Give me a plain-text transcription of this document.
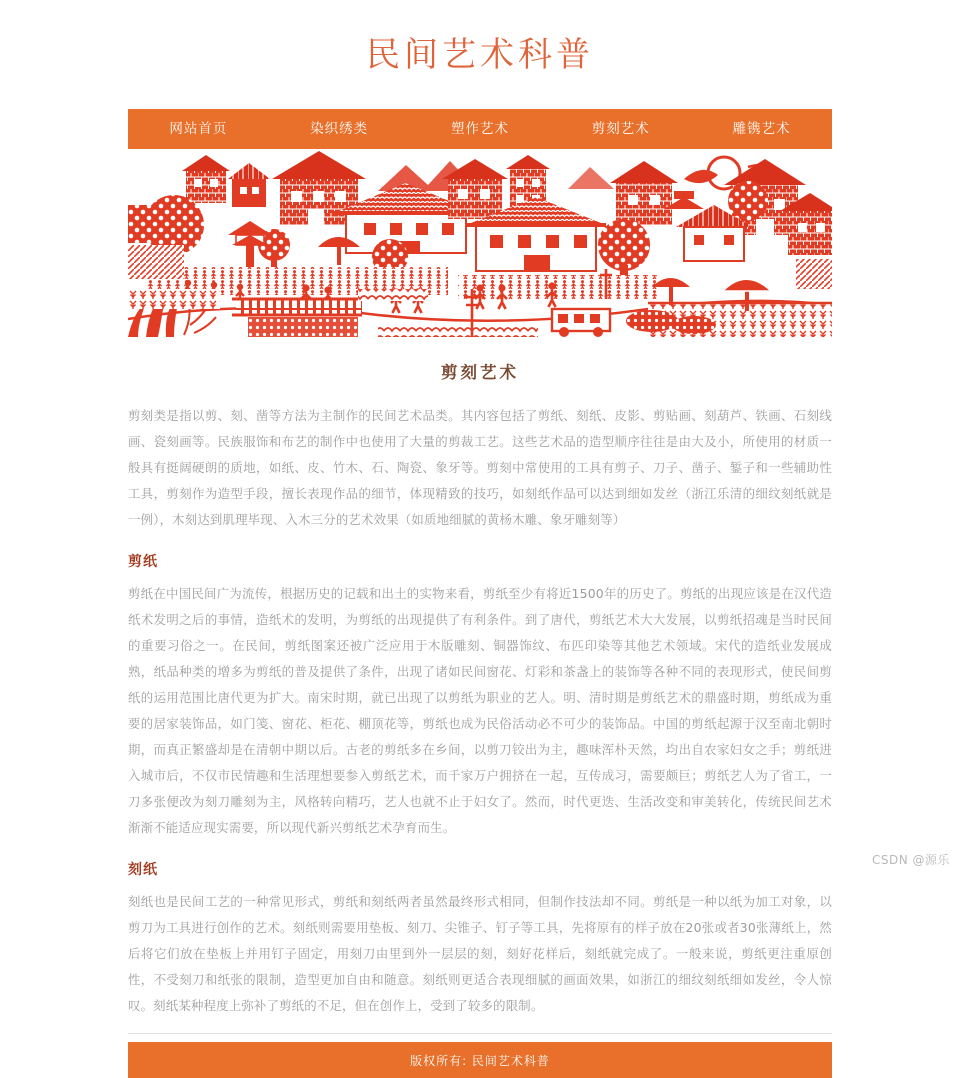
民间艺术科普
网站首页	染织绣类	塑作艺术	剪刻艺术	雕镌艺术
剪刻艺术

剪刻类是指以剪、刻、凿等方法为主制作的民间艺术品类。其内容包括了剪纸、刻纸、皮影、剪贴画、刻葫芦、铁画、石刻线画、瓷刻画等。民族服饰和布艺的制作中也使用了大量的剪裁工艺。这些艺术品的造型顺序往往是由大及小，所使用的材质一般具有挺阔硬朗的质地，如纸、皮、竹木、石、陶瓷、象牙等。剪刻中常使用的工具有剪子、刀子、凿子、錾子和一些辅助性工具，剪刻作为造型手段，擅长表现作品的细节，体现精致的技巧，如刻纸作品可以达到细如发丝（浙江乐清的细纹刻纸就是一例），木刻达到肌理毕现、入木三分的艺术效果（如质地细腻的黄杨木雕、象牙雕刻等）

剪纸

剪纸在中国民间广为流传，根据历史的记载和出土的实物来看，剪纸至少有将近1500年的历史了。剪纸的出现应该是在汉代造纸术发明之后的事情，造纸术的发明，为剪纸的出现提供了有利条件。到了唐代，剪纸艺术大大发展，以剪纸招魂是当时民间的重要习俗之一。在民间，剪纸图案还被广泛应用于木版雕刻、铜器饰纹、布匹印染等其他艺术领域。宋代的造纸业发展成熟，纸品种类的增多为剪纸的普及提供了条件，出现了诸如民间窗花、灯彩和茶盏上的装饰等各种不同的表现形式，使民间剪纸的运用范围比唐代更为扩大。南宋时期，就已出现了以剪纸为职业的艺人。明、清时期是剪纸艺术的鼎盛时期，剪纸成为重要的居家装饰品，如门笺、窗花、柜花、棚顶花等，剪纸也成为民俗活动必不可少的装饰品。中国的剪纸起源于汉至南北朝时期，而真正繁盛却是在清朝中期以后。古老的剪纸多在乡间，以剪刀铰出为主，趣味浑朴天然，均出自农家妇女之手；剪纸进入城市后，不仅市民情趣和生活理想要参入剪纸艺术，而千家万户拥挤在一起，互传成习，需要颇巨；剪纸艺人为了省工，一刀多张便改为刻刀雕刻为主，风格转向精巧，艺人也就不止于妇女了。然而，时代更迭、生活改变和审美转化，传统民间艺术渐渐不能适应现实需要，所以现代新兴剪纸艺术孕育而生。

刻纸

刻纸也是民间工艺的一种常见形式，剪纸和刻纸两者虽然最终形式相同，但制作技法却不同。剪纸是一种以纸为加工对象，以剪刀为工具进行创作的艺术。刻纸则需要用垫板、刻刀、尖锥子、钉子等工具，先将原有的样子放在20张或者30张薄纸上，然后将它们放在垫板上并用钉子固定，用刻刀由里到外一层层的刻，刻好花样后，刻纸就完成了。一般来说，剪纸更注重原创性，不受刻刀和纸张的限制，造型更加自由和随意。刻纸则更适合表现细腻的画面效果，如浙江的细纹刻纸细如发丝，令人惊叹。刻纸某种程度上弥补了剪纸的不足，但在创作上，受到了较多的限制。

版权所有: 民间艺术科普
CSDN @源乐
